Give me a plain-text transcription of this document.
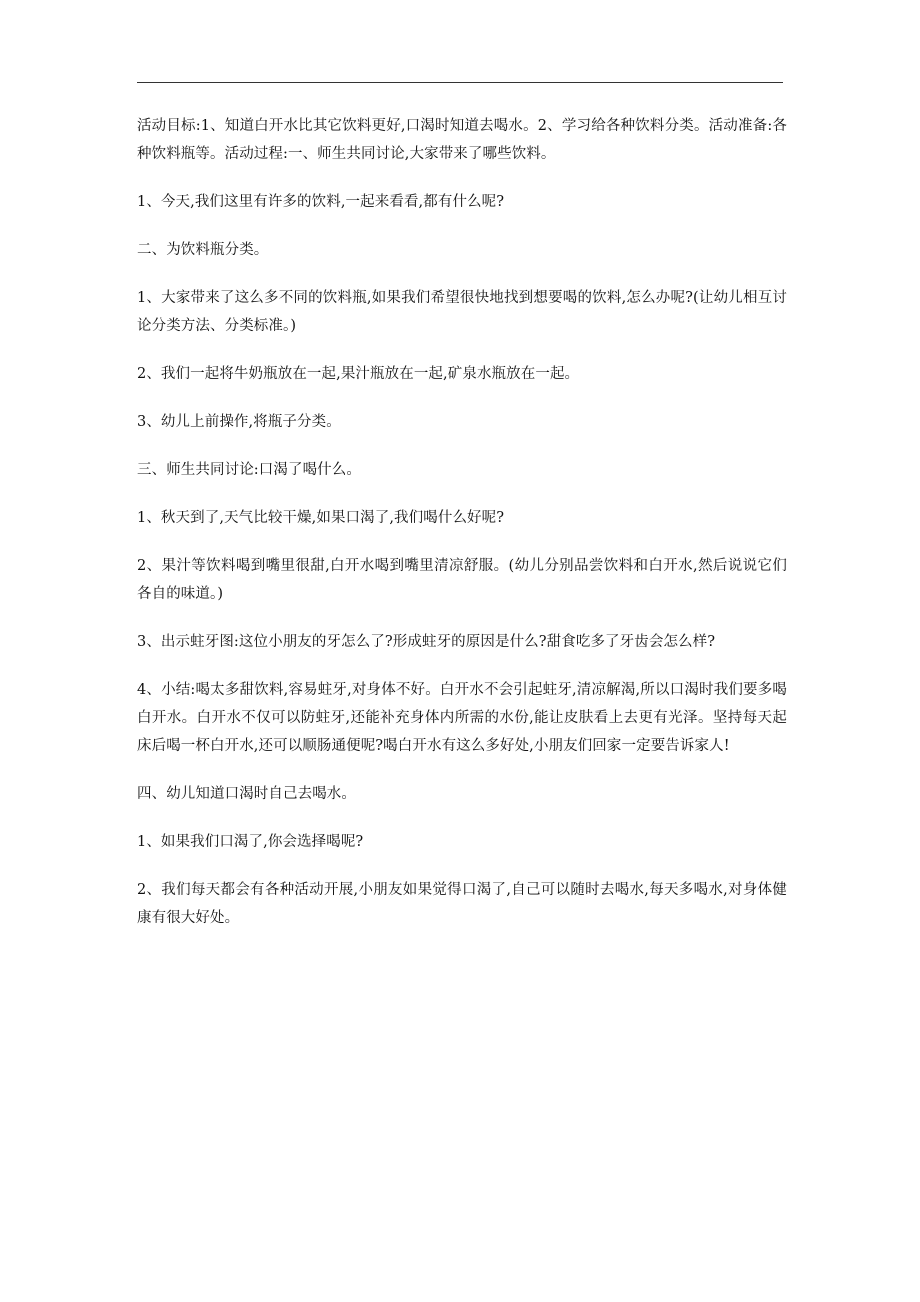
活动目标:1、知道白开水比其它饮料更好,口渴时知道去喝水。2、学习给各种饮料分类。活动准备:各种饮料瓶等。活动过程:一、师生共同讨论,大家带来了哪些饮料。

1、今天,我们这里有许多的饮料,一起来看看,都有什么呢?

二、为饮料瓶分类。

1、大家带来了这么多不同的饮料瓶,如果我们希望很快地找到想要喝的饮料,怎么办呢?(让幼儿相互讨论分类方法、分类标准。)

2、我们一起将牛奶瓶放在一起,果汁瓶放在一起,矿泉水瓶放在一起。

3、幼儿上前操作,将瓶子分类。

三、师生共同讨论:口渴了喝什么。

1、秋天到了,天气比较干燥,如果口渴了,我们喝什么好呢?

2、果汁等饮料喝到嘴里很甜,白开水喝到嘴里清凉舒服。(幼儿分别品尝饮料和白开水,然后说说它们各自的味道。)

3、出示蛀牙图:这位小朋友的牙怎么了?形成蛀牙的原因是什么?甜食吃多了牙齿会怎么样?

4、小结:喝太多甜饮料,容易蛀牙,对身体不好。白开水不会引起蛀牙,清凉解渴,所以口渴时我们要多喝白开水。白开水不仅可以防蛀牙,还能补充身体内所需的水份,能让皮肤看上去更有光泽。坚持每天起床后喝一杯白开水,还可以顺肠通便呢?喝白开水有这么多好处,小朋友们回家一定要告诉家人!

四、幼儿知道口渴时自己去喝水。

1、如果我们口渴了,你会选择喝呢?

2、我们每天都会有各种活动开展,小朋友如果觉得口渴了,自己可以随时去喝水,每天多喝水,对身体健康有很大好处。
